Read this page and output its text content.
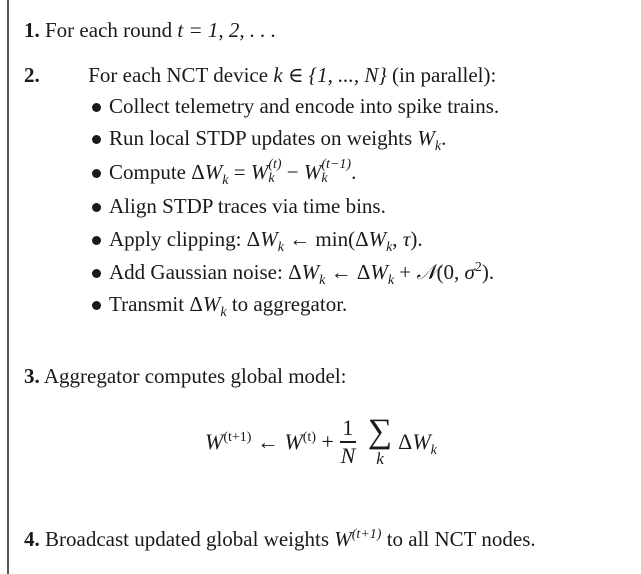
1. For each round t = 1, 2, . . .
2. For each NCT device k ∈ {1, ..., N} (in parallel):
Collect telemetry and encode into spike trains.
Run local STDP updates on weights $W_k$.
Compute $\Delta W_k = W$ (t)
k − W (t−1)
k	.
Align STDP traces via time bins.
Apply clipping: $\Delta W_k$ ← $\min(\Delta W_k$, τ).
Add Gaussian noise: $\Delta W_k$ ← $\Delta W_k$ + 𝒩(0, $\sigma^2$).
Transmit $\Delta W_k$ to aggregator.
3. Aggregator computes global model:
$W^{(t+1)}$ ← $W^{(t)} + \frac{1}{N}$ ∑
k
$\Delta W_k$
4. Broadcast updated global weights $W^{(t+1)}$ to all NCT nodes.
